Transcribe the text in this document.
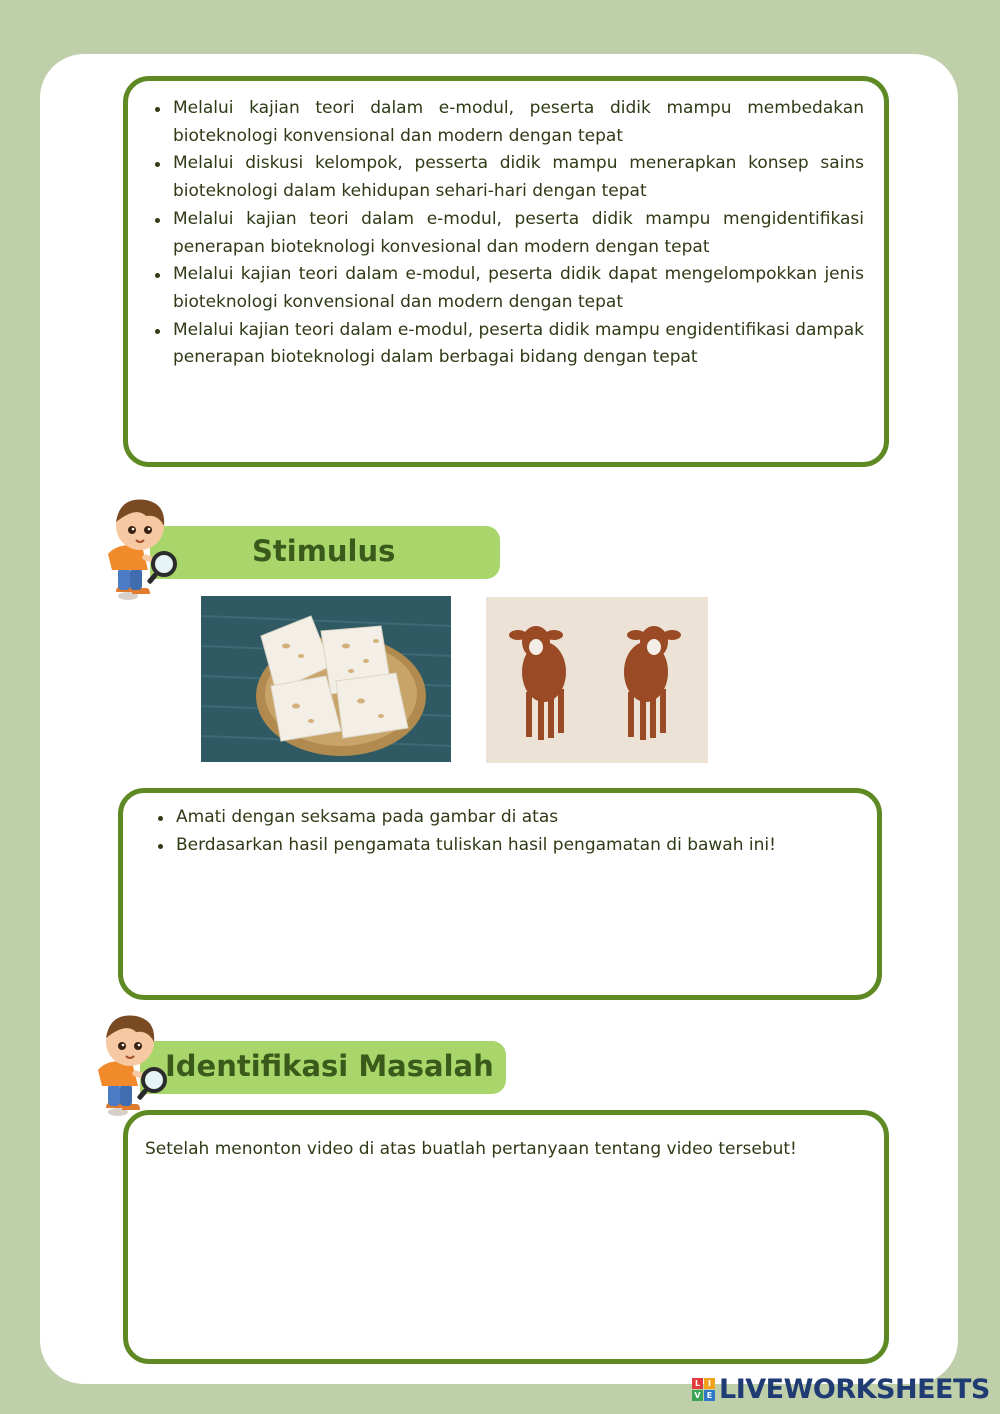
Melalui kajian teori dalam e-modul, peserta didik mampu membedakan bioteknologi konvensional dan modern dengan tepat
Melalui diskusi kelompok, pesserta didik mampu menerapkan konsep sains bioteknologi dalam kehidupan sehari-hari dengan tepat
Melalui kajian teori dalam e-modul, peserta didik mampu mengidentifikasi penerapan bioteknologi konvesional dan modern dengan tepat
Melalui kajian teori dalam e-modul, peserta didik dapat mengelompokkan jenis bioteknologi konvensional dan modern dengan tepat
Melalui kajian teori dalam e-modul, peserta didik mampu engidentifikasi dampak penerapan bioteknologi dalam berbagai bidang dengan tepat
Stimulus
Amati dengan seksama pada gambar di atas
Berdasarkan hasil pengamata tuliskan hasil pengamatan di bawah ini!
Identifikasi Masalah
Setelah menonton video di atas buatlah pertanyaan tentang video tersebut!
L I
V E LIVEWORKSHEETS
